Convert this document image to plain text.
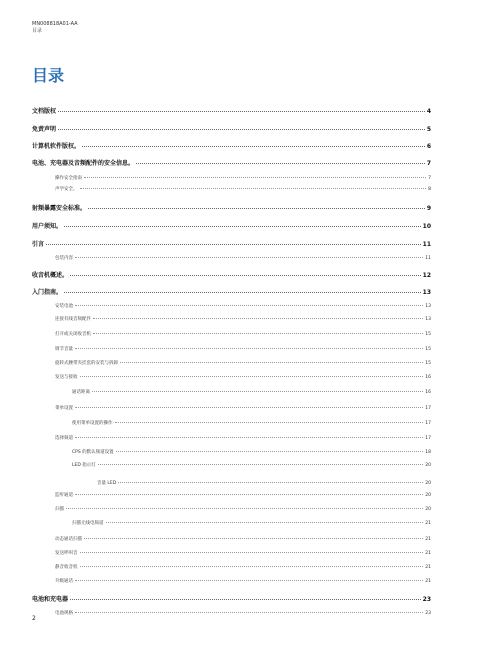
MN008818A01-AA
目录
目录
文档版权	4
免责声明	5
计算机软件版权。	6
电池、充电器及音频配件的安全信息。	7
操作安全指南	7
声学安全。	8
射频暴露安全标准。	9
用户须知。	10
引言	11
包装内容	11
收音机概述。	12
入门指南。	13
安装电池	13
连接有线音频配件	13
打开或关闭收音机	15
调节音量	15
旋转式腰带夹挂套的安装与拆卸	15
发送与接收	16
通话距离	16
菜单设置	17
使用菜单设置的操作	17
选择频道	17
CPS 的默认频道设置	18
LED 指示灯	20
音量 LED	20
监听通道	20
扫描	20
扫描无线电频道	21
动态通话扫描	21
发送呼叫音	21
静音收音机	21
升级通话	21
电池和充电器	23
电池规格	23
2
